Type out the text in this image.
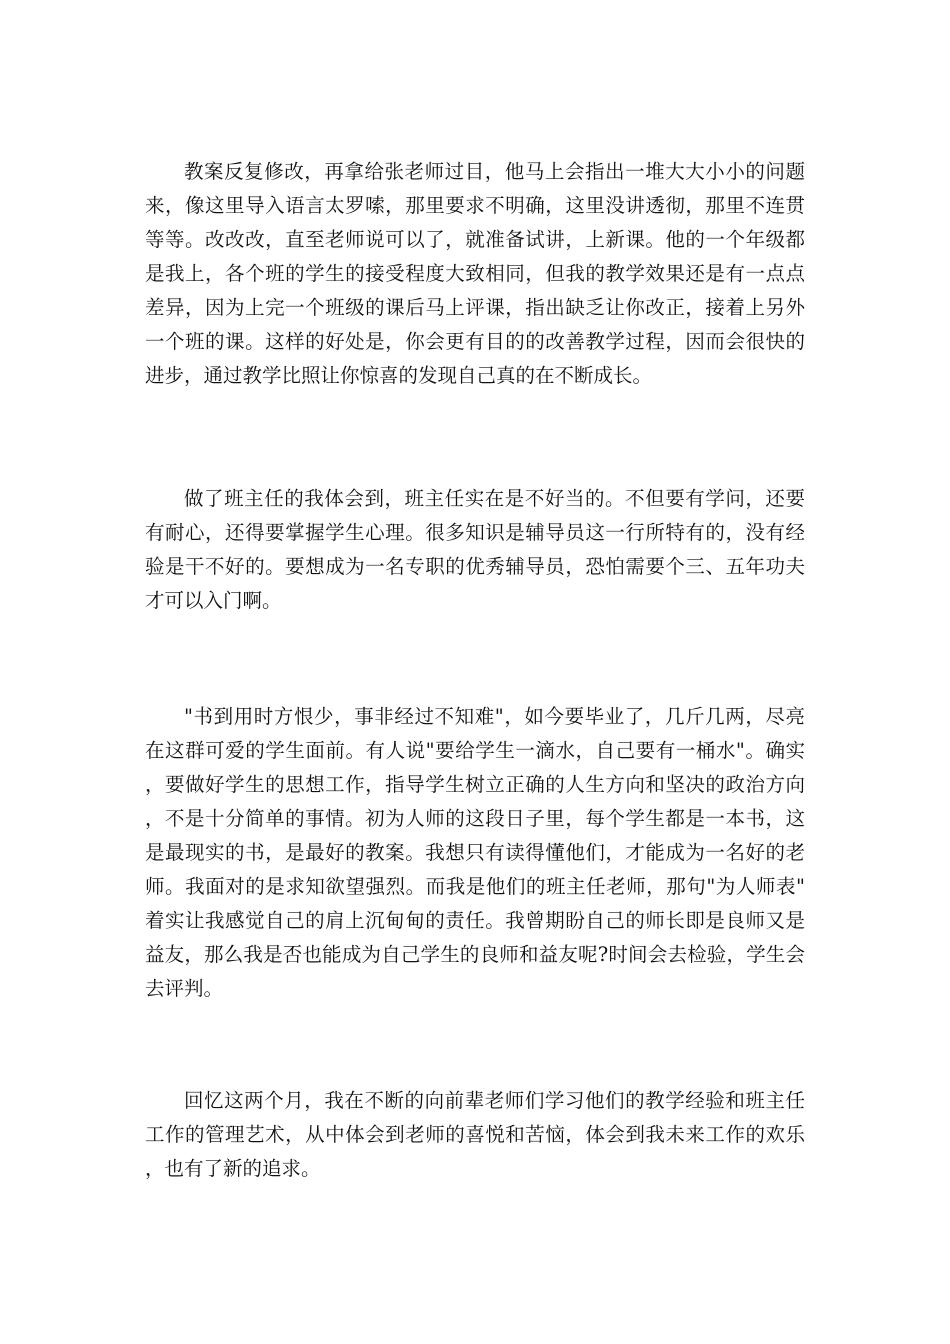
教案反复修改，再拿给张老师过目，他马上会指出一堆大大小小的问题来，像这里导入语言太罗嗦，那里要求不明确，这里没讲透彻，那里不连贯等等。改改改，直至老师说可以了，就准备试讲，上新课。他的一个年级都是我上，各个班的学生的接受程度大致相同，但我的教学效果还是有一点点差异，因为上完一个班级的课后马上评课，指出缺乏让你改正，接着上另外一个班的课。这样的好处是，你会更有目的的改善教学过程，因而会很快的进步，通过教学比照让你惊喜的发现自己真的在不断成长。

做了班主任的我体会到，班主任实在是不好当的。不但要有学问，还要有耐心，还得要掌握学生心理。很多知识是辅导员这一行所特有的，没有经验是干不好的。要想成为一名专职的优秀辅导员，恐怕需要个三、五年功夫才可以入门啊。

"书到用时方恨少，事非经过不知难"，如今要毕业了，几斤几两，尽亮在这群可爱的学生面前。有人说"要给学生一滴水，自己要有一桶水"。确实，要做好学生的思想工作，指导学生树立正确的人生方向和坚决的政治方向，不是十分简单的事情。初为人师的这段日子里，每个学生都是一本书，这是最现实的书，是最好的教案。我想只有读得懂他们，才能成为一名好的老师。我面对的是求知欲望强烈。而我是他们的班主任老师，那句"为人师表"着实让我感觉自己的肩上沉甸甸的责任。我曾期盼自己的师长即是良师又是益友，那么我是否也能成为自己学生的良师和益友呢?时间会去检验，学生会去评判。

回忆这两个月，我在不断的向前辈老师们学习他们的教学经验和班主任工作的管理艺术，从中体会到老师的喜悦和苦恼，体会到我未来工作的欢乐，也有了新的追求。
